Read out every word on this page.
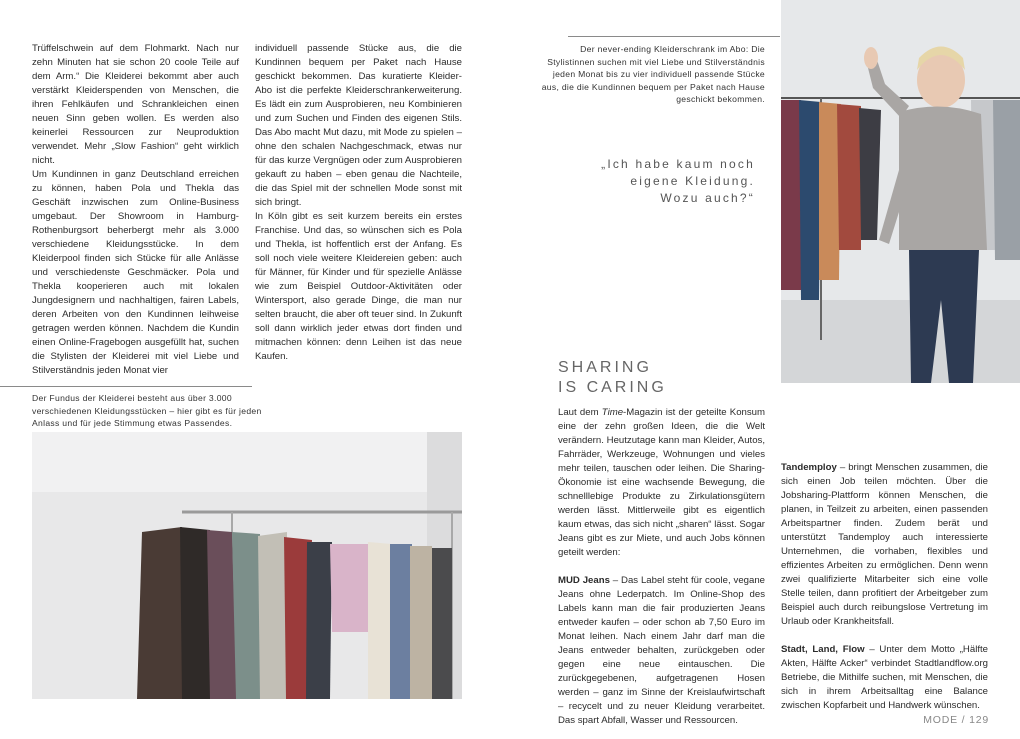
Trüffelschwein auf dem Flohmarkt. Nach nur zehn Minuten hat sie schon 20 coole Teile auf dem Arm.“ Die Kleiderei bekommt aber auch verstärkt Kleiderspenden von Menschen, die ihren Fehlkäufen und Schrankleichen einen neuen Sinn geben wollen. Es werden also keinerlei Ressourcen zur Neuproduktion verwendet. Mehr „Slow Fashion“ geht wirklich nicht.

Um Kundinnen in ganz Deutschland erreichen zu können, haben Pola und Thekla das Geschäft inzwischen zum Online-Business umgebaut. Der Showroom in Hamburg-Rothenburgsort beherbergt mehr als 3.000 verschiedene Kleidungsstücke. In dem Kleiderpool finden sich Stücke für alle Anlässe und verschiedenste Geschmäcker. Pola und Thekla kooperieren auch mit lokalen Jungdesignern und nachhaltigen, fairen Labels, deren Arbeiten von den Kundinnen leihweise getragen werden können. Nachdem die Kundin einen Online-Fragebogen ausgefüllt hat, suchen die Stylisten der Kleiderei mit viel Liebe und Stilverständnis jeden Monat vier

individuell passende Stücke aus, die die Kundinnen bequem per Paket nach Hause geschickt bekommen. Das kuratierte Kleider-Abo ist die perfekte Kleiderschrankerweiterung. Es lädt ein zum Ausprobieren, neu Kombinieren und zum Suchen und Finden des eigenen Stils. Das Abo macht Mut dazu, mit Mode zu spielen – ohne den schalen Nachgeschmack, etwas nur für das kurze Vergnügen oder zum Ausprobieren gekauft zu haben – eben genau die Nachteile, die das Spiel mit der schnellen Mode sonst mit sich bringt.

In Köln gibt es seit kurzem bereits ein erstes Franchise. Und das, so wünschen sich es Pola und Thekla, ist hoffentlich erst der Anfang. Es soll noch viele weitere Kleidereien geben: auch für Männer, für Kinder und für spezielle Anlässe wie zum Beispiel Outdoor-Aktivitäten oder Wintersport, also gerade Dinge, die man nur selten braucht, die aber oft teuer sind. In Zukunft soll dann wirklich jeder etwas dort finden und mitmachen können: denn Leihen ist das neue Kaufen.

Der Fundus der Kleiderei besteht aus über 3.000 verschiedenen Kleidungsstücken – hier gibt es für jeden Anlass und für jede Stimmung etwas Passendes.
Der never-ending Kleiderschrank im Abo: Die Stylistinnen suchen mit viel Liebe und Stilverständnis jeden Monat bis zu vier individuell passende Stücke aus, die die Kundinnen bequem per Paket nach Hause geschickt bekommen.
„Ich habe kaum noch eigene Kleidung. Wozu auch?“
SHARING
IS CARING

Laut dem Time-Magazin ist der geteilte Konsum eine der zehn großen Ideen, die die Welt verändern. Heutzutage kann man Kleider, Autos, Fahrräder, Werkzeuge, Wohnungen und vieles mehr teilen, tauschen oder leihen. Die Sharing-Ökonomie ist eine wachsende Bewegung, die schnelllebige Produkte zu Zirkulationsgütern werden lässt. Mittlerweile gibt es eigentlich kaum etwas, das sich nicht „sharen“ lässt. Sogar Jeans gibt es zur Miete, und auch Jobs können geteilt werden:

MUD Jeans – Das Label steht für coole, vegane Jeans ohne Lederpatch. Im Online-Shop des Labels kann man die fair produzierten Jeans entweder kaufen – oder schon ab 7,50 Euro im Monat leihen. Nach einem Jahr darf man die Jeans entweder behalten, zurückgeben oder gegen eine neue eintauschen. Die zurückgegebenen, aufgetragenen Hosen werden – ganz im Sinne der Kreislaufwirtschaft – recycelt und zu neuer Kleidung verarbeitet. Das spart Abfall, Wasser und Ressourcen.

Tandemploy – bringt Menschen zusammen, die sich einen Job teilen möchten. Über die Jobsharing-Plattform können Menschen, die planen, in Teilzeit zu arbeiten, einen passenden Arbeitspartner finden. Zudem berät und unterstützt Tandemploy auch interessierte Unternehmen, die vorhaben, flexibles und effizientes Arbeiten zu ermöglichen. Denn wenn zwei qualifizierte Mitarbeiter sich eine volle Stelle teilen, dann profitiert der Arbeitgeber zum Beispiel auch durch reibungslose Vertretung im Urlaub oder Krankheitsfall.

Stadt, Land, Flow – Unter dem Motto „Hälfte Akten, Hälfte Acker“ verbindet Stadtlandflow.org Betriebe, die Mithilfe suchen, mit Menschen, die sich in ihrem Arbeitsalltag eine Balance zwischen Kopfarbeit und Handwerk wünschen.

MODE / 129
